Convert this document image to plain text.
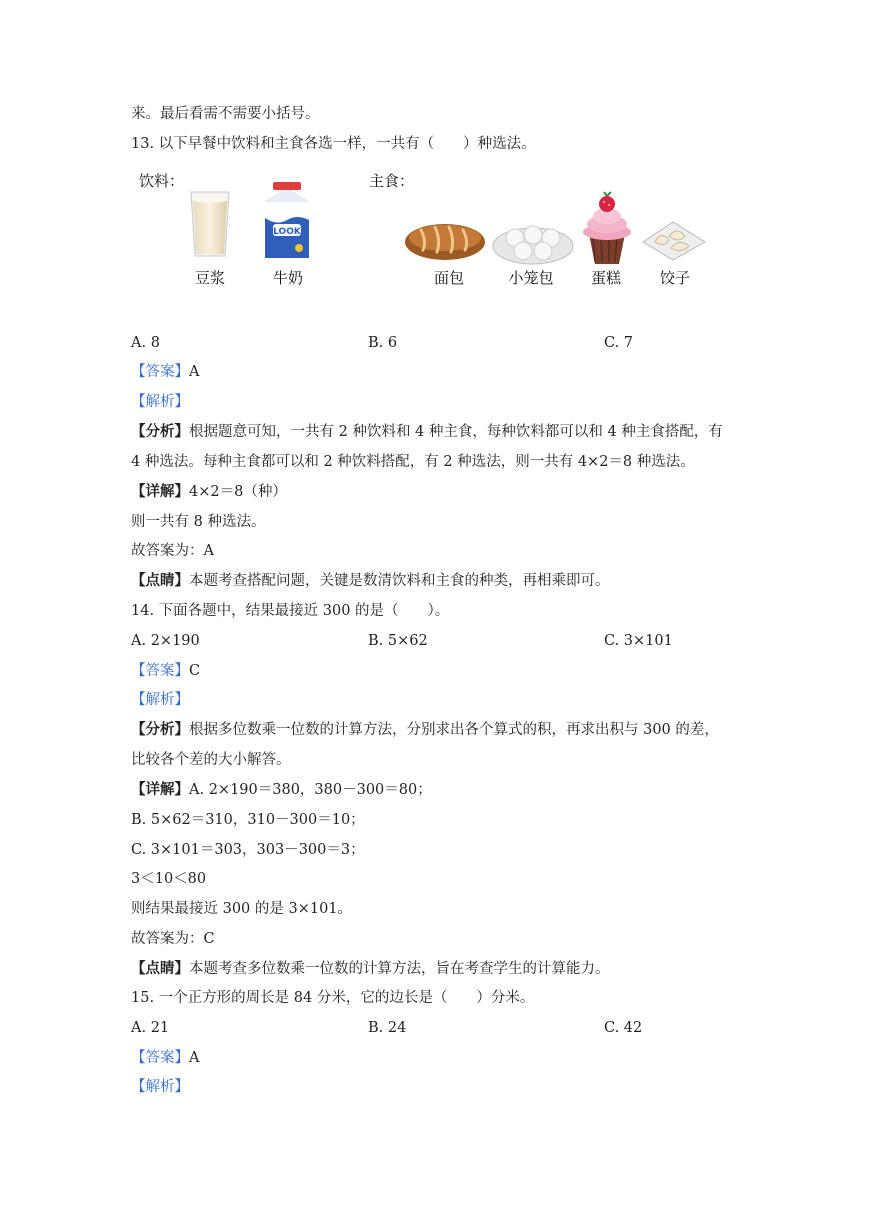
来。最后看需不需要小括号。
13. 以下早餐中饮料和主食各选一样，一共有（　　）种选法。
饮料：	主食：
LOOK
豆浆	牛奶	面包	小笼包	蛋糕	饺子
A. 8	B. 6	C. 7
【答案】A
【解析】
【分析】根据题意可知，一共有 2 种饮料和 4 种主食，每种饮料都可以和 4 种主食搭配，有
4 种选法。每种主食都可以和 2 种饮料搭配，有 2 种选法，则一共有 4×2＝8 种选法。
【详解】4×2＝8（种）
则一共有 8 种选法。
故答案为：A
【点睛】本题考查搭配问题，关键是数清饮料和主食的种类，再相乘即可。
14. 下面各题中，结果最接近 300 的是（　　）。
A. 2×190	B. 5×62	C. 3×101
【答案】C
【解析】
【分析】根据多位数乘一位数的计算方法，分别求出各个算式的积，再求出积与 300 的差，
比较各个差的大小解答。
【详解】A. 2×190＝380，380－300＝80；
B. 5×62＝310，310－300＝10；
C. 3×101＝303，303－300＝3；
3＜10＜80
则结果最接近 300 的是 3×101。
故答案为：C
【点睛】本题考查多位数乘一位数的计算方法，旨在考查学生的计算能力。
15. 一个正方形的周长是 84 分米，它的边长是（　　）分米。
A. 21	B. 24	C. 42
【答案】A
【解析】
